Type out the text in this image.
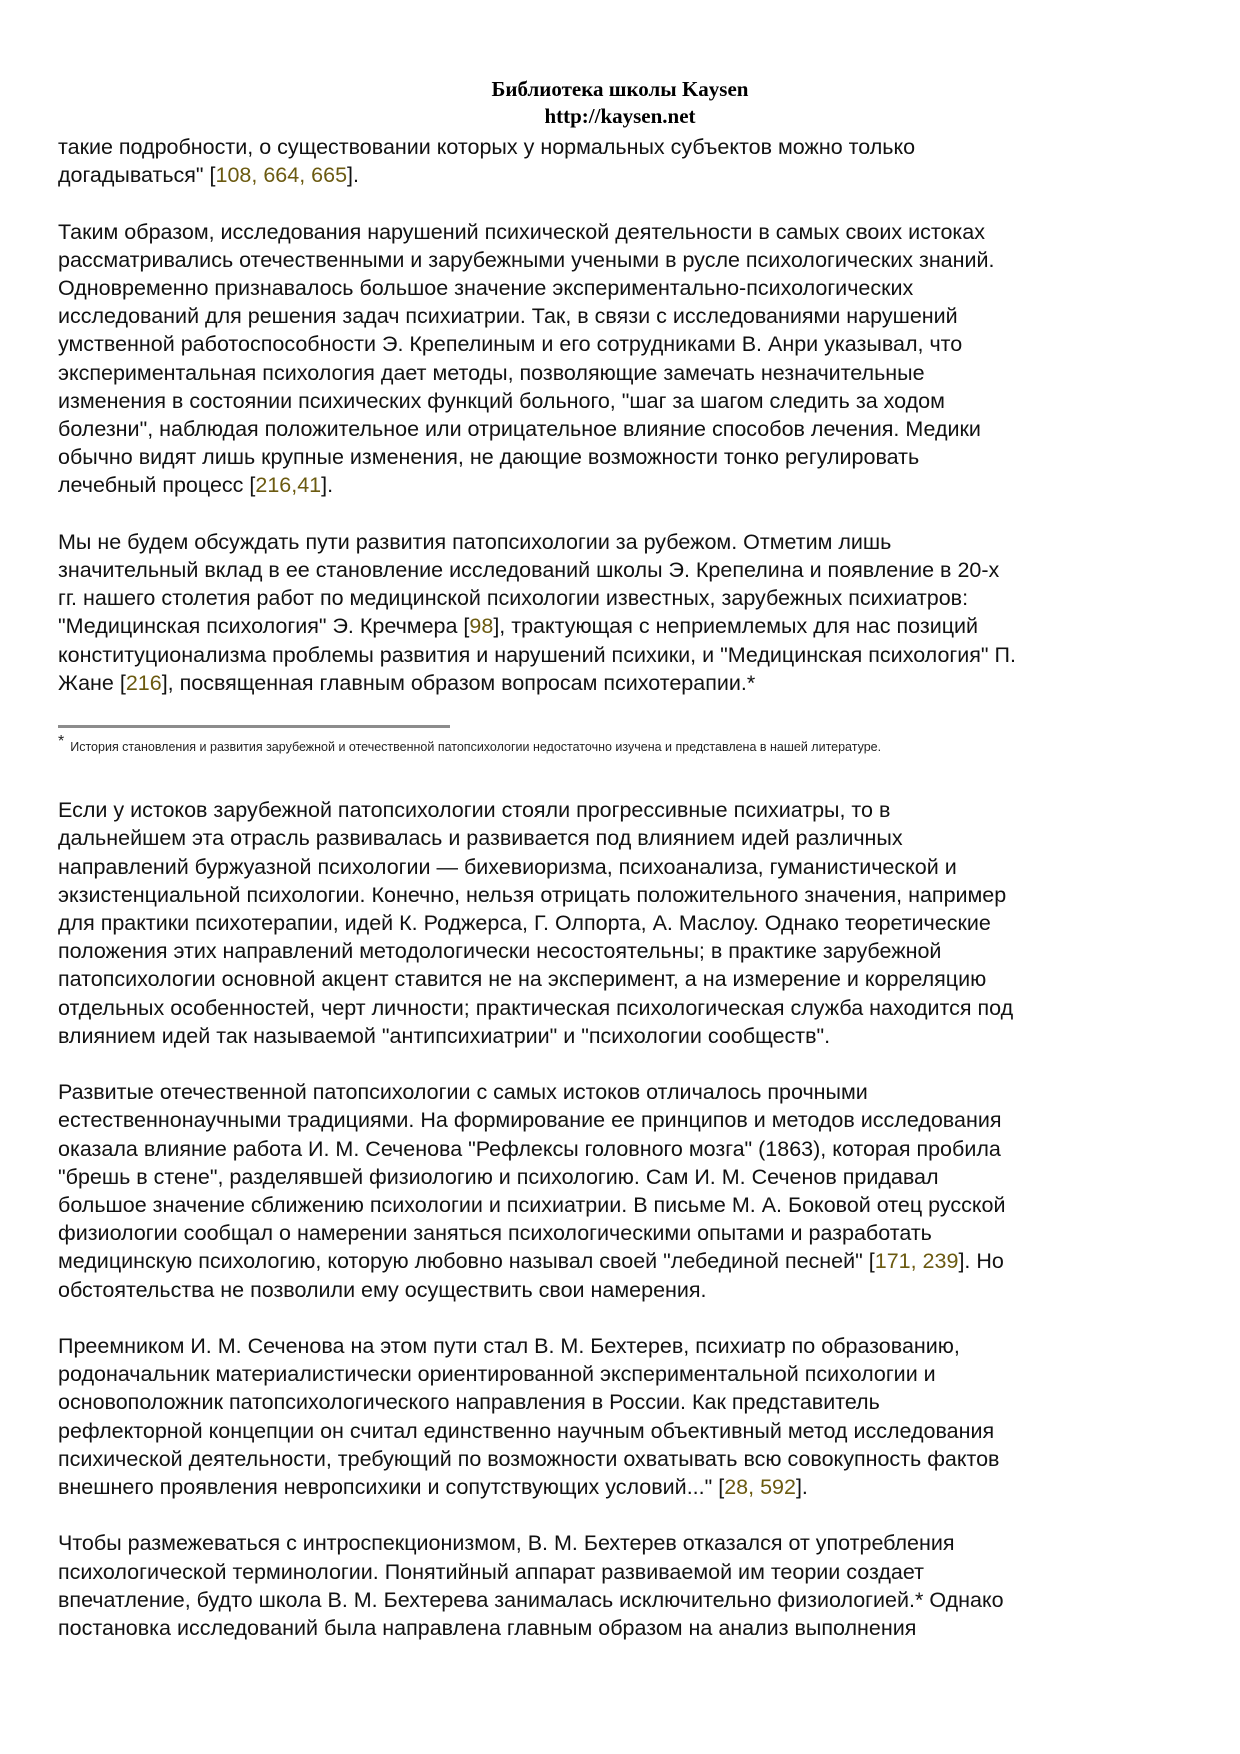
Библиотека школы Kaysen
http://kaysen.net
такие подробности, о существовании которых у нормальных субъектов можно только
догадываться" [108, 664, 665].
Таким образом, исследования нарушений психической деятельности в самых своих истоках
рассматривались отечественными и зарубежными учеными в русле психологических знаний.
Одновременно признавалось большое значение экспериментально-психологических
исследований для решения задач психиатрии. Так, в связи с исследованиями нарушений
умственной работоспособности Э. Крепелиным и его сотрудниками В. Анри указывал, что
экспериментальная психология дает методы, позволяющие замечать незначительные
изменения в состоянии психических функций больного, "шаг за шагом следить за ходом
болезни", наблюдая положительное или отрицательное влияние способов лечения. Медики
обычно видят лишь крупные изменения, не дающие возможности тонко регулировать
лечебный процесс [216,41].
Мы не будем обсуждать пути развития патопсихологии за рубежом. Отметим лишь
значительный вклад в ее становление исследований школы Э. Крепелина и появление в 20-х
гг. нашего столетия работ по медицинской психологии известных, зарубежных психиатров:
"Медицинская психология" Э. Кречмера [98], трактующая с неприемлемых для нас позиций
конституционализма проблемы развития и нарушений психики, и "Медицинская психология" П.
Жане [216], посвященная главным образом вопросам психотерапии.*
* История становления и развития зарубежной и отечественной патопсихологии недостаточно изучена и представлена в нашей литературе.
Если у истоков зарубежной патопсихологии стояли прогрессивные психиатры, то в
дальнейшем эта отрасль развивалась и развивается под влиянием идей различных
направлений буржуазной психологии — бихевиоризма, психоанализа, гуманистической и
экзистенциальной психологии. Конечно, нельзя отрицать положительного значения, например
для практики психотерапии, идей К. Роджерса, Г. Олпорта, А. Маслоу. Однако теоретические
положения этих направлений методологически несостоятельны; в практике зарубежной
патопсихологии основной акцент ставится не на эксперимент, а на измерение и корреляцию
отдельных особенностей, черт личности; практическая психологическая служба находится под
влиянием идей так называемой "антипсихиатрии" и "психологии сообществ".
Развитые отечественной патопсихологии с самых истоков отличалось прочными
естественнонаучными традициями. На формирование ее принципов и методов исследования
оказала влияние работа И. М. Сеченова "Рефлексы головного мозга" (1863), которая пробила
"брешь в стене", разделявшей физиологию и психологию. Сам И. М. Сеченов придавал
большое значение сближению психологии и психиатрии. В письме М. А. Боковой отец русской
физиологии сообщал о намерении заняться психологическими опытами и разработать
медицинскую психологию, которую любовно называл своей "лебединой песней" [171, 239]. Но
обстоятельства не позволили ему осуществить свои намерения.
Преемником И. М. Сеченова на этом пути стал В. М. Бехтерев, психиатр по образованию,
родоначальник материалистически ориентированной экспериментальной психологии и
основоположник патопсихологического направления в России. Как представитель
рефлекторной концепции он считал единственно научным объективный метод исследования
психической деятельности, требующий по возможности охватывать всю совокупность фактов
внешнего проявления невропсихики и сопутствующих условий..." [28, 592].
Чтобы размежеваться с интроспекционизмом, В. М. Бехтерев отказался от употребления
психологической терминологии. Понятийный аппарат развиваемой им теории создает
впечатление, будто школа В. М. Бехтерева занималась исключительно физиологией.* Однако
постановка исследований была направлена главным образом на анализ выполнения
